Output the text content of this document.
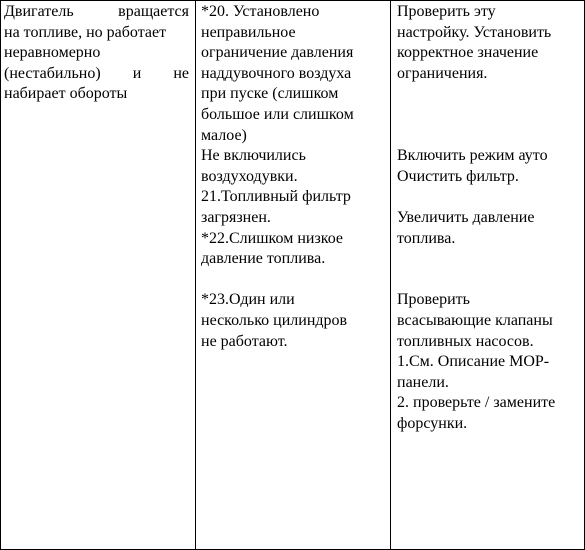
Двигатель	вращается
на топливе, но работает
неравномерно
(нестабильно) и не
набирает обороты
*20. Установлено
неправильное
ограничение давления
наддувочного воздуха
при пуске (слишком
большое или слишком
малое)
Не включились
воздуходувки.
21.Топливный фильтр
загрязнен.
*22.Слишком низкое
давление топлива.
*23.Один или
несколько цилиндров
не работают.
Проверить эту
настройку. Установить
корректное значение
ограничения.
Включить режим ауто
Очистить фильтр.
Увеличить давление
топлива.
Проверить
всасывающие клапаны
топливных насосов.
1.См. Описание МОР-
панели.
2. проверьте / замените
форсунки.
